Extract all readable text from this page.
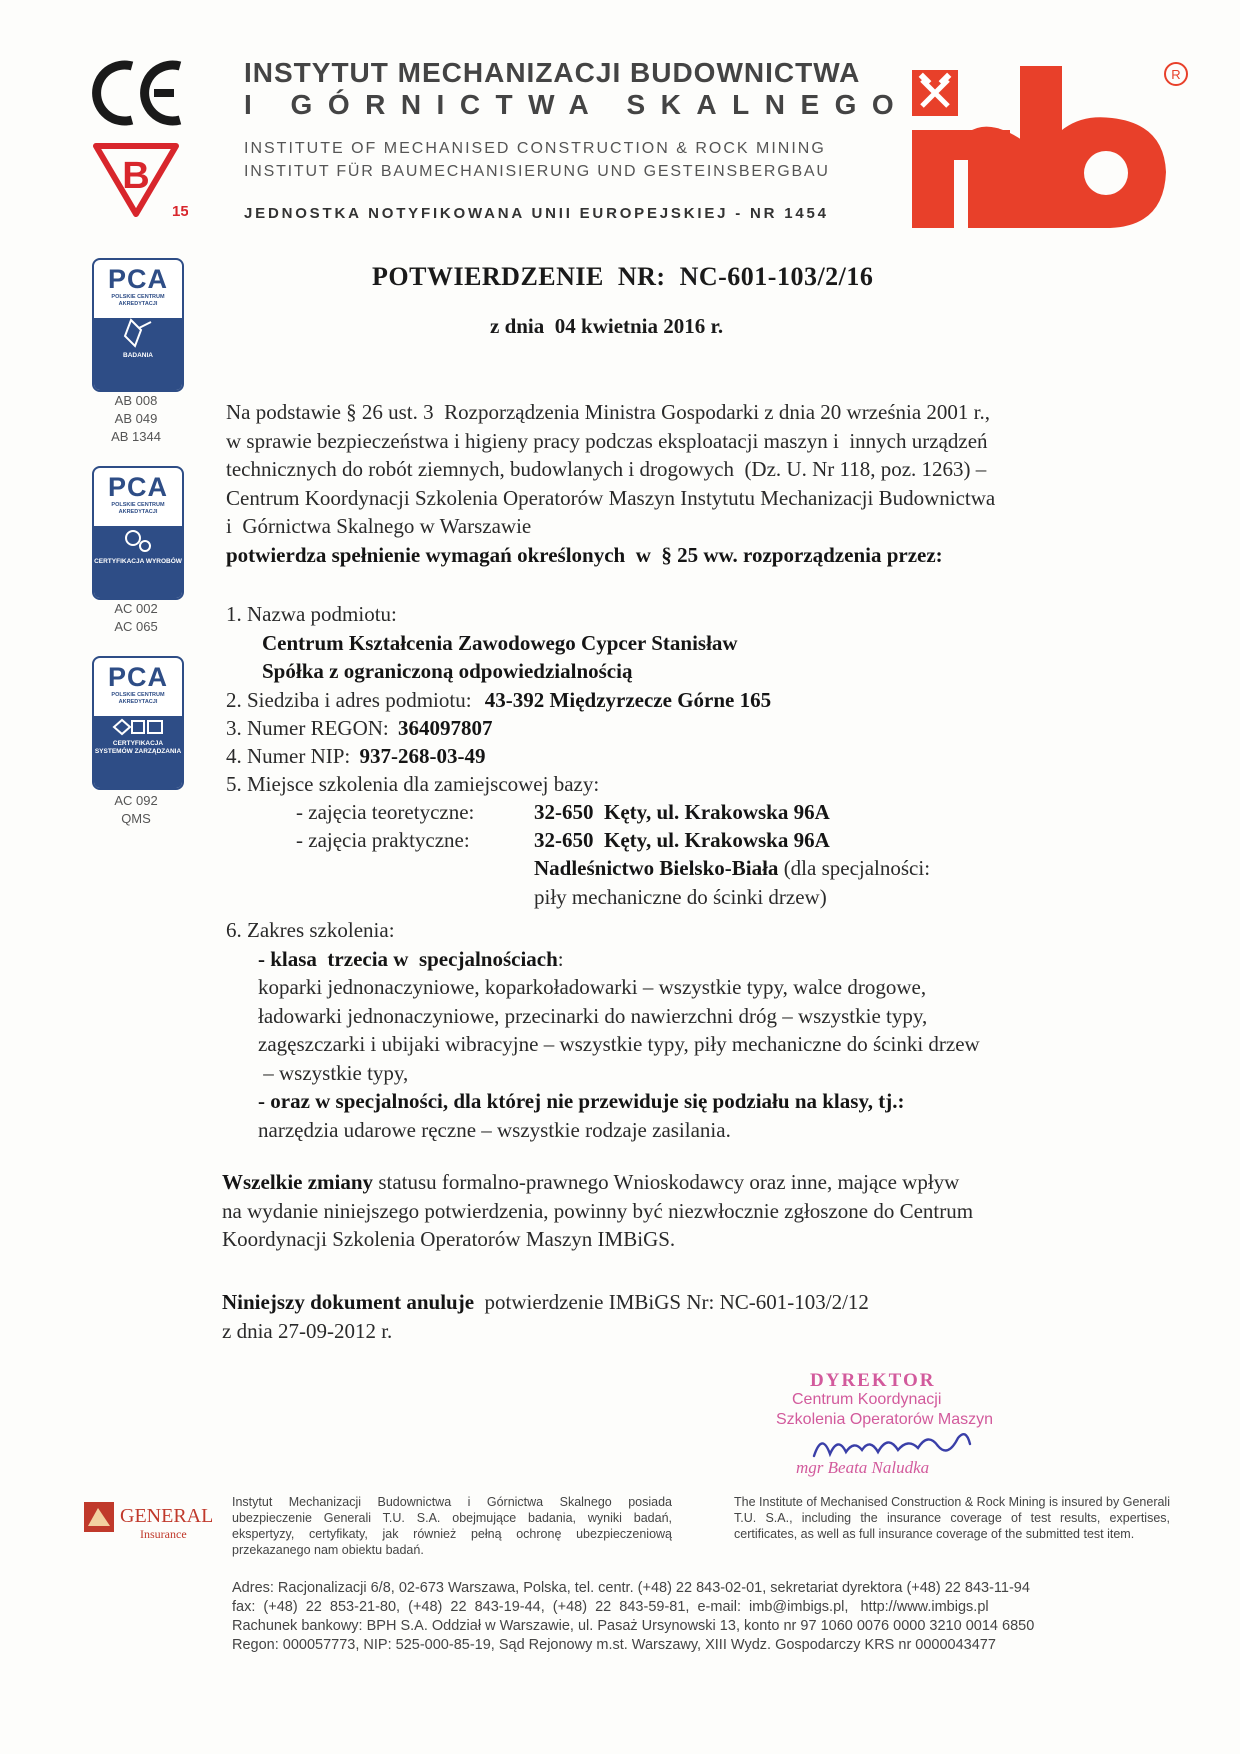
B
15
INSTYTUT MECHANIZACJI BUDOWNICTWA
I GÓRNICTWA SKALNEGO
INSTITUTE OF MECHANISED CONSTRUCTION & ROCK MINING
INSTITUT FÜR BAUMECHANISIERUNG UND GESTEINSBERGBAU
JEDNOSTKA NOTYFIKOWANA UNII EUROPEJSKIEJ - NR 1454
R
PCA
POLSKIE CENTRUM AKREDYTACJI
BADANIA
AB 008
AB 049
AB 1344
PCA
POLSKIE CENTRUM AKREDYTACJI
CERTYFIKACJA WYROBÓW
AC 002
AC 065
PCA
POLSKIE CENTRUM AKREDYTACJI
CERTYFIKACJA SYSTEMÓW ZARZĄDZANIA
AC 092
QMS
POTWIERDZENIE  NR:  NC-601-103/2/16
z dnia  04 kwietnia 2016 r.
Na podstawie § 26 ust. 3  Rozporządzenia Ministra Gospodarki z dnia 20 września 2001 r.,
w sprawie bezpieczeństwa i higieny pracy podczas eksploatacji maszyn i  innych urządzeń
technicznych do robót ziemnych, budowlanych i drogowych  (Dz. U. Nr 118, poz. 1263) –
Centrum Koordynacji Szkolenia Operatorów Maszyn Instytutu Mechanizacji Budownictwa
i  Górnictwa Skalnego w Warszawie
potwierdza spełnienie wymagań określonych  w  § 25 ww. rozporządzenia przez:
1. Nazwa podmiotu:
Centrum Kształcenia Zawodowego Cypcer Stanisław
Spółka z ograniczoną odpowiedzialnością
2. Siedziba i adres podmiotu: 43-392 Międzyrzecze Górne 165
3. Numer REGON: 364097807
4. Numer NIP: 937-268-03-49
5. Miejsce szkolenia dla zamiejscowej bazy:
- zajęcia teoretyczne:	32-650  Kęty, ul. Krakowska 96A
- zajęcia praktyczne:	32-650  Kęty, ul. Krakowska 96A
Nadleśnictwo Bielsko-Biała (dla specjalności:
piły mechaniczne do ścinki drzew)
6. Zakres szkolenia:
- klasa  trzecia w  specjalnościach:
koparki jednonaczyniowe, koparkoładowarki – wszystkie typy, walce drogowe,
ładowarki jednonaczyniowe, przecinarki do nawierzchni dróg – wszystkie typy,
zagęszczarki i ubijaki wibracyjne – wszystkie typy, piły mechaniczne do ścinki drzew
– wszystkie typy,
- oraz w specjalności, dla której nie przewiduje się podziału na klasy, tj.:
narzędzia udarowe ręczne – wszystkie rodzaje zasilania.
Wszelkie zmiany statusu formalno-prawnego Wnioskodawcy oraz inne, mające wpływ
na wydanie niniejszego potwierdzenia, powinny być niezwłocznie zgłoszone do Centrum
Koordynacji Szkolenia Operatorów Maszyn IMBiGS.
Niniejszy dokument anuluje  potwierdzenie IMBiGS Nr: NC-601-103/2/12
z dnia 27-09-2012 r.
DYREKTOR
Centrum Koordynacji
Szkolenia Operatorów Maszyn
mgr Beata Naludka
GENERALI
Insurance
Instytut Mechanizacji Budownictwa i Górnictwa Skalnego posiada ubezpieczenie Generali T.U. S.A. obejmujące badania, wyniki badań, ekspertyzy, certyfikaty, jak również pełną ochronę ubezpieczeniową przekazanego nam obiektu badań.
The Institute of Mechanised Construction & Rock Mining is insured by Generali T.U. S.A., including the insurance coverage of test results, expertises, certificates, as well as full insurance coverage of the submitted test item.
Adres: Racjonalizacji 6/8, 02-673 Warszawa, Polska, tel. centr. (+48) 22 843-02-01, sekretariat dyrektora (+48) 22 843-11-94
fax:  (+48)  22  853-21-80,  (+48)  22  843-19-44,  (+48)  22  843-59-81,  e-mail:  imb@imbigs.pl,   http://www.imbigs.pl
Rachunek bankowy: BPH S.A. Oddział w Warszawie, ul. Pasaż Ursynowski 13, konto nr 97 1060 0076 0000 3210 0014 6850
Regon: 000057773, NIP: 525-000-85-19, Sąd Rejonowy m.st. Warszawy, XIII Wydz. Gospodarczy KRS nr 0000043477
